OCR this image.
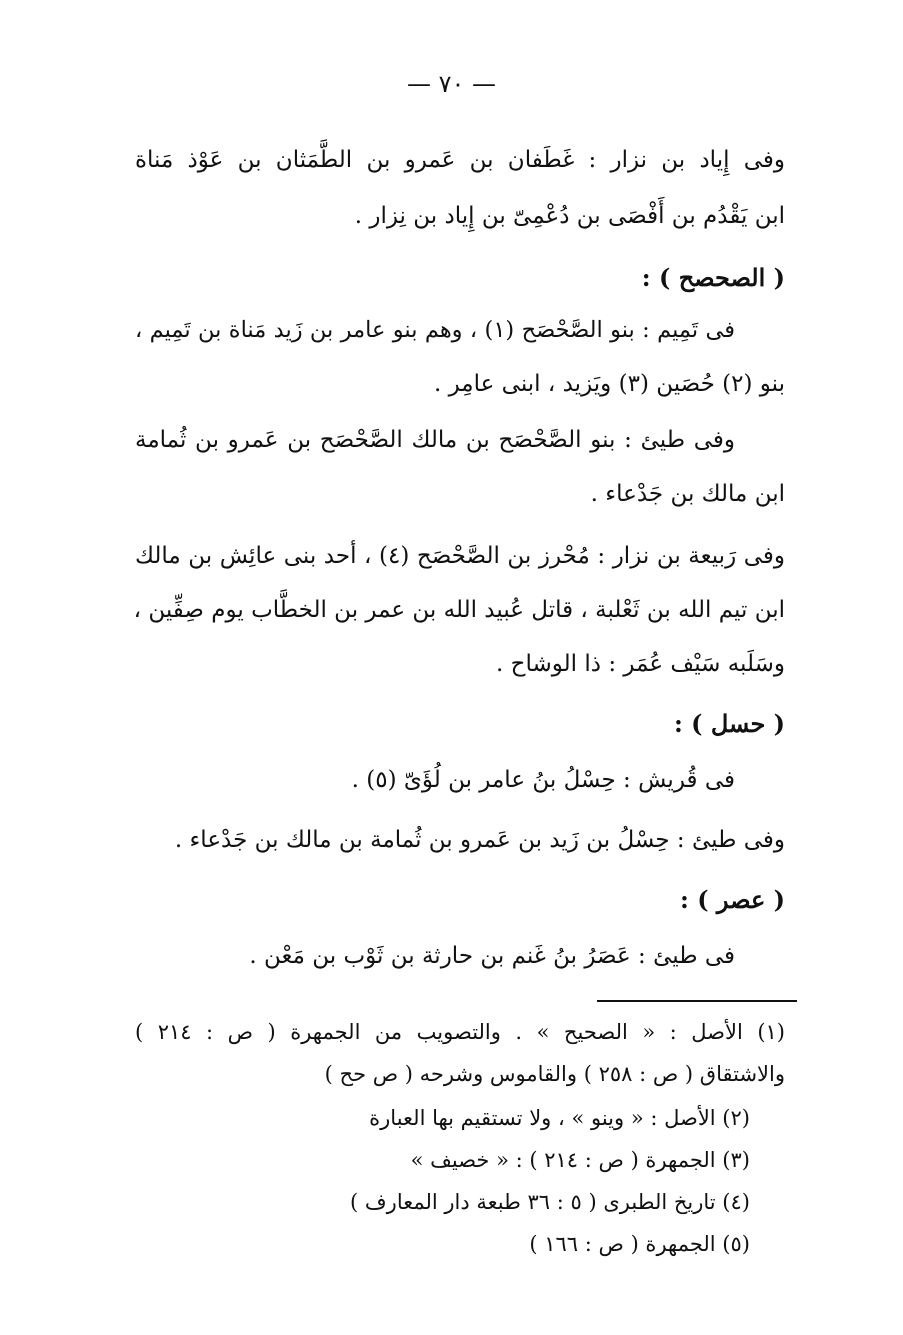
— ٧٠ —
وفى إِياد بن نزار : غَطَفان بن عَمرو بن الطَّمَثان بن عَوْذ مَناة
ابن يَقْدُم بن أَفْصَى بن دُعْمِىّ بن إِياد بن نِزار .
( الصحصح ) :
فى تَمِيم : بنو الصَّحْصَح (١) ، وهم بنو عامر بن زَيد مَناة بن تَمِيم ،
بنو (٢) حُصَين (٣) ويَزيد ، ابنى عامِر .
وفى طيئ : بنو الصَّحْصَح بن مالك الصَّحْصَح بن عَمرو بن ثُمامة
ابن مالك بن جَدْعاء .
وفى رَبيعة بن نزار : مُحْرز بن الصَّحْصَح (٤) ، أحد بنى عائِش بن مالك
ابن تيم الله بن ثَعْلبة ، قاتل عُبيد الله بن عمر بن الخطَّاب يوم صِفِّين ،
وسَلَبه سَيْف عُمَر : ذا الوشاح .
( حسل ) :
فى قُريش : حِسْلُ بنُ عامر بن لُؤَىّ (٥) .
وفى طيئ : حِسْلُ بن زَيد بن عَمرو بن ثُمامة بن مالك بن جَدْعاء .
( عصر ) :
فى طيئ : عَصَرُ بنُ غَنم بن حارثة بن ثَوْب بن مَعْن .
(١) الأصل : « الصحيح » . والتصويب من الجمهرة ( ص : ٢١٤ )
والاشتقاق ( ص : ٢٥٨ ) والقاموس وشرحه ( ص حح )
(٢) الأصل : « وينو » ، ولا تستقيم بها العبارة
(٣) الجمهرة ( ص : ٢١٤ ) : « خصيف »
(٤) تاريخ الطبرى ( ٥ : ٣٦ طبعة دار المعارف )
(٥) الجمهرة ( ص : ١٦٦ )
